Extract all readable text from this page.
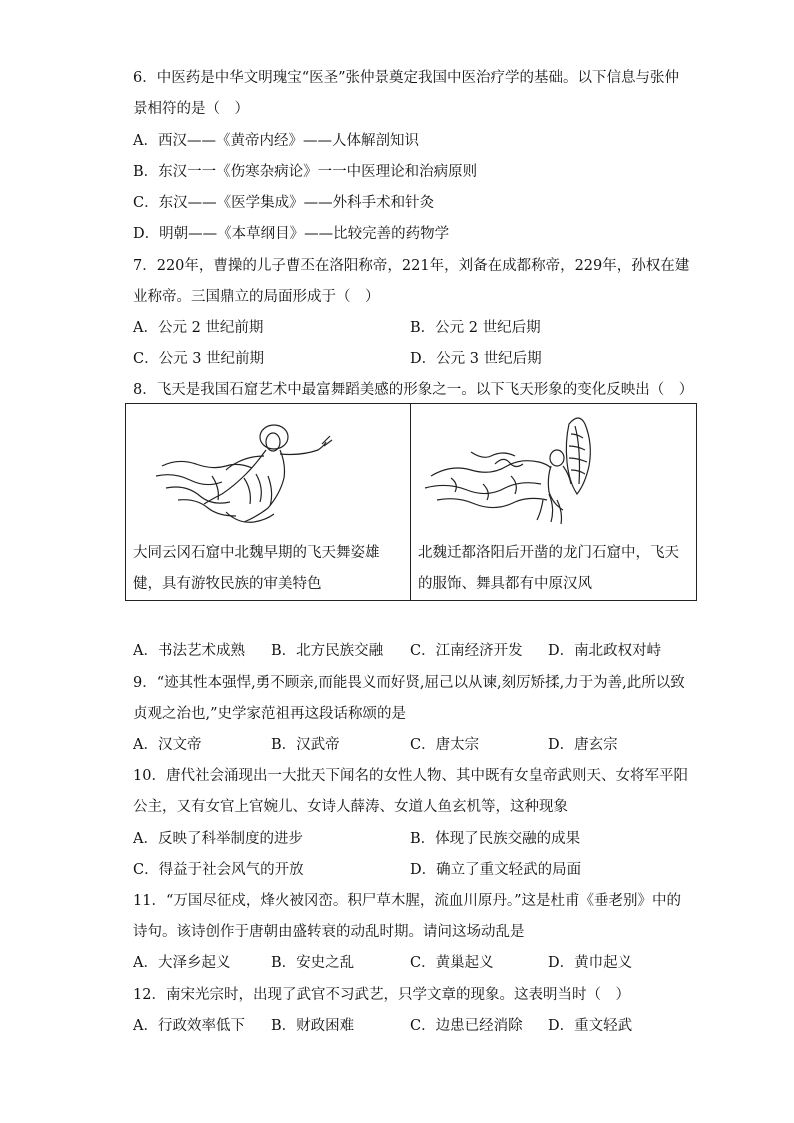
6．中医药是中华文明瑰宝“医圣”张仲景奠定我国中医治疗学的基础。以下信息与张仲
景相符的是（　）
A．西汉——《黄帝内经》——人体解剖知识
B．东汉一一《伤寒杂病论》一一中医理论和治病原则
C．东汉——《医学集成》——外科手术和针灸
D．明朝——《本草纲目》——比较完善的药物学
7．220年，曹操的儿子曹丕在洛阳称帝，221年，刘备在成都称帝，229年，孙权在建
业称帝。三国鼎立的局面形成于（　）
A．公元 2 世纪前期	B．公元 2 世纪后期
C．公元 3 世纪前期	D．公元 3 世纪后期
8．飞天是我国石窟艺术中最富舞蹈美感的形象之一。以下飞天形象的变化反映出（　）
大同云冈石窟中北魏早期的飞天舞姿雄健，具有游牧民族的审美特色

北魏迁都洛阳后开凿的龙门石窟中，飞天的服饰、舞具都有中原汉风
A．书法艺术成熟 B．北方民族交融 C．江南经济开发 D．南北政权对峙
9．“迹其性本强悍,勇不顾亲,而能畏义而好贤,屈己以从谏,刻厉矫揉,力于为善,此所以致
贞观之治也,”史学家范祖再这段话称颂的是
A．汉文帝	B．汉武帝	C．唐太宗	D．唐玄宗
10．唐代社会涌现出一大批天下闻名的女性人物、其中既有女皇帝武则天、女将军平阳
公主，又有女官上官婉儿、女诗人薛涛、女道人鱼玄机等，这种现象
A．反映了科举制度的进步	B．体现了民族交融的成果
C．得益于社会风气的开放	D．确立了重文轻武的局面
11．“万国尽征戍，烽火被冈峦。积尸草木腥，流血川原丹。”这是杜甫《垂老别》中的
诗句。该诗创作于唐朝由盛转衰的动乱时期。请问这场动乱是
A．大泽乡起义	B．安史之乱	C．黄巢起义	D．黄巾起义
12．南宋光宗时，出现了武官不习武艺，只学文章的现象。这表明当时（　）
A．行政效率低下 B．财政困难	C．边患已经消除 D．重文轻武
